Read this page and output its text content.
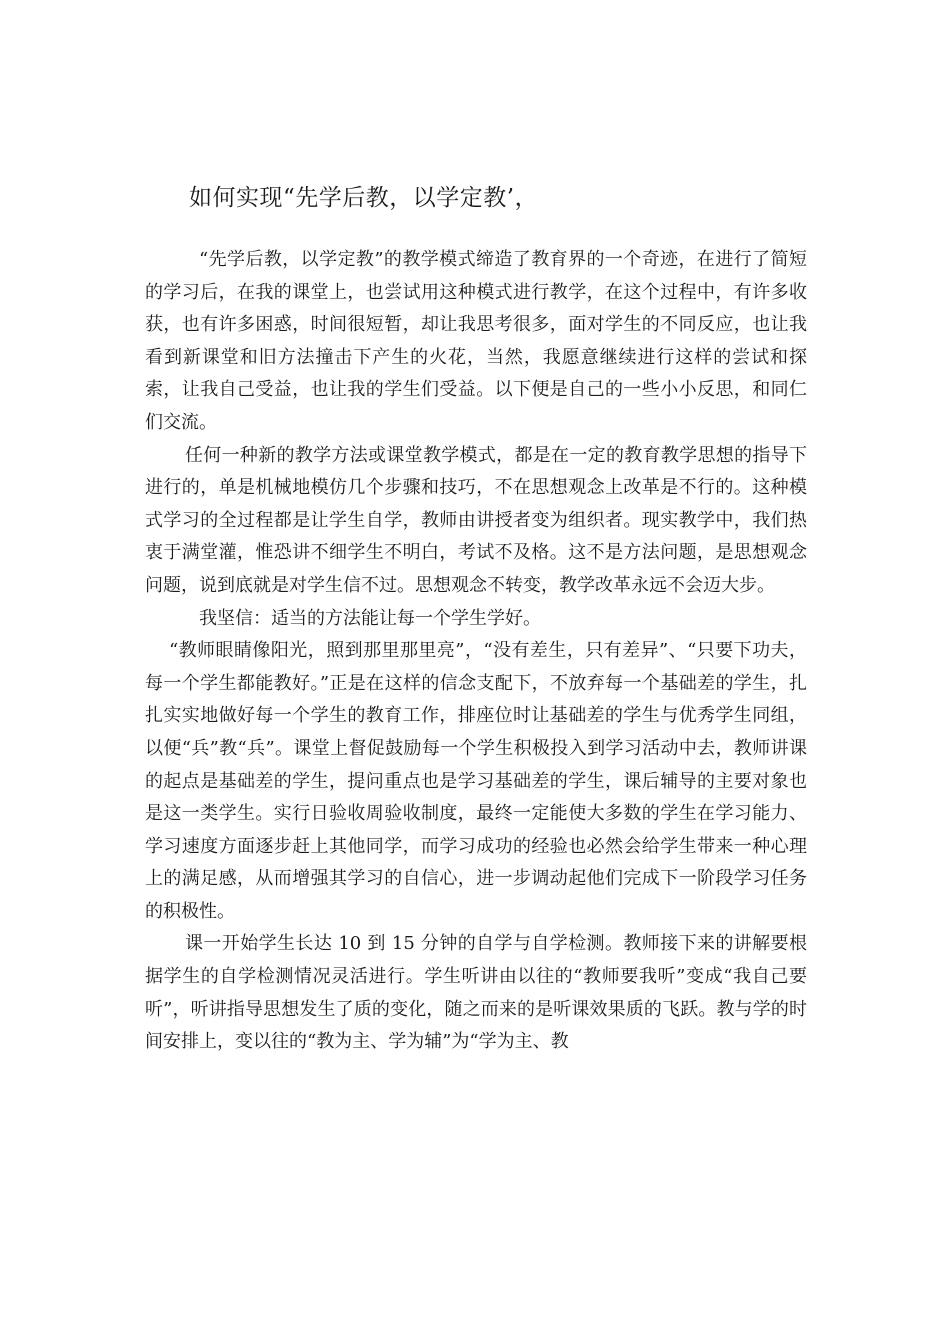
如何实现“先学后教，以学定教’，

“先学后教，以学定教”的教学模式缔造了教育界的一个奇迹，在进行了简短的学习后，在我的课堂上，也尝试用这种模式进行教学，在这个过程中，有许多收获，也有许多困惑，时间很短暂，却让我思考很多，面对学生的不同反应，也让我看到新课堂和旧方法撞击下产生的火花，当然，我愿意继续进行这样的尝试和探索，让我自己受益，也让我的学生们受益。以下便是自己的一些小小反思，和同仁们交流。

任何一种新的教学方法或课堂教学模式，都是在一定的教育教学思想的指导下进行的，单是机械地模仿几个步骤和技巧，不在思想观念上改革是不行的。这种模式学习的全过程都是让学生自学，教师由讲授者变为组织者。现实教学中，我们热衷于满堂灌，惟恐讲不细学生不明白，考试不及格。这不是方法问题，是思想观念问题，说到底就是对学生信不过。思想观念不转变，教学改革永远不会迈大步。

我坚信：适当的方法能让每一个学生学好。

“教师眼睛像阳光，照到那里那里亮”，“没有差生，只有差异”、“只要下功夫，每一个学生都能教好。”正是在这样的信念支配下，不放弃每一个基础差的学生，扎扎实实地做好每一个学生的教育工作，排座位时让基础差的学生与优秀学生同组，以便“兵”教“兵”。课堂上督促鼓励每一个学生积极投入到学习活动中去，教师讲课的起点是基础差的学生，提问重点也是学习基础差的学生，课后辅导的主要对象也是这一类学生。实行日验收周验收制度，最终一定能使大多数的学生在学习能力、学习速度方面逐步赶上其他同学，而学习成功的经验也必然会给学生带来一种心理上的满足感，从而增强其学习的自信心，进一步调动起他们完成下一阶段学习任务的积极性。

课一开始学生长达 10 到 15 分钟的自学与自学检测。教师接下来的讲解要根据学生的自学检测情况灵活进行。学生听讲由以往的“教师要我听”变成“我自己要听”，听讲指导思想发生了质的变化，随之而来的是听课效果质的飞跃。教与学的时间安排上，变以往的“教为主、学为辅”为“学为主、教
